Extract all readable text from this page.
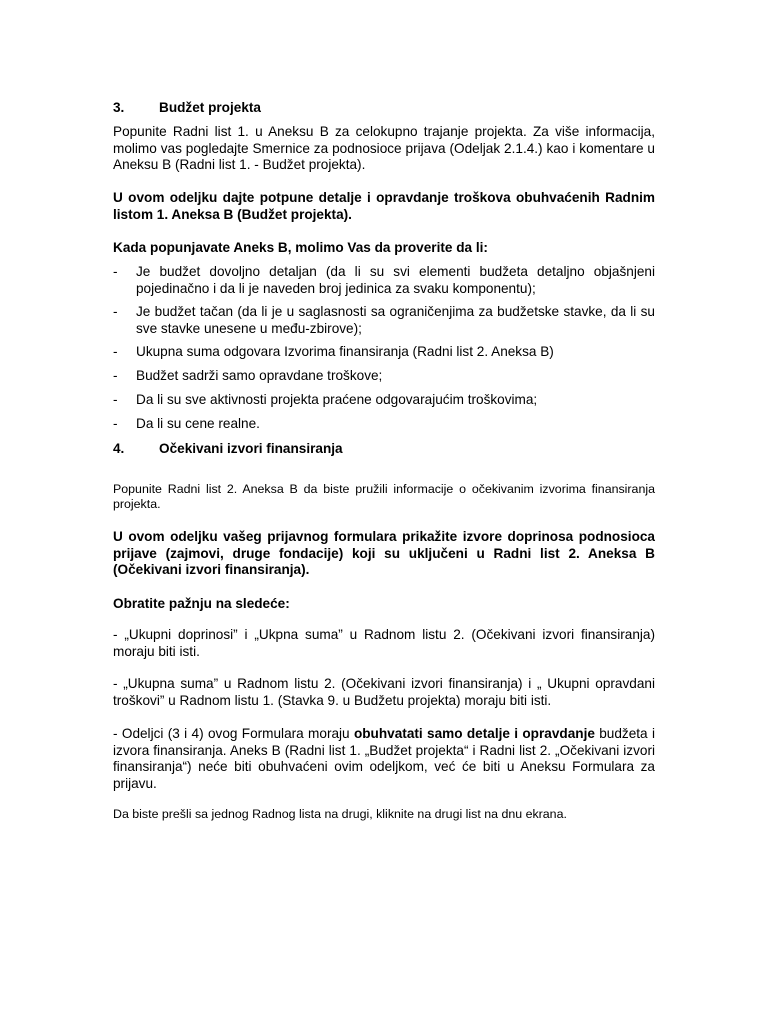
3.	Budžet projekta
Popunite Radni list 1. u Aneksu B za celokupno trajanje projekta. Za više informacija, molimo vas pogledajte Smernice za podnosioce prijava (Odeljak 2.1.4.) kao i komentare u Aneksu B (Radni list 1. - Budžet projekta).
U ovom odeljku dajte potpune detalje i opravdanje troškova obuhvaćenih Radnim listom 1. Aneksa B (Budžet projekta).
Kada popunjavate Aneks B, molimo Vas da proverite da li:
- Je budžet dovoljno detaljan (da li su svi elementi budžeta detaljno objašnjeni pojedinačno i da li je naveden broj jedinica za svaku komponentu);
- Je budžet tačan (da li je u saglasnosti sa ograničenjima za budžetske stavke, da li su sve stavke unesene u među-zbirove);
- Ukupna suma odgovara Izvorima finansiranja (Radni list 2. Aneksa B)
- Budžet sadrži samo opravdane troškove;
- Da li su sve aktivnosti projekta praćene odgovarajućim troškovima;
- Da li su cene realne.
4.	Očekivani izvori finansiranja
Popunite Radni list 2. Aneksa B da biste pružili informacije o očekivanim izvorima finansiranja projekta.
U ovom odeljku vašeg prijavnog formulara prikažite izvore doprinosa podnosioca prijave (zajmovi, druge fondacije) koji su uključeni u Radni list 2. Aneksa B (Očekivani izvori finansiranja).
Obratite pažnju na sledeće:
- „Ukupni doprinosi” i „Ukpna suma” u Radnom listu 2. (Očekivani izvori finansiranja) moraju biti isti.
- „Ukupna suma” u Radnom listu 2. (Očekivani izvori finansiranja) i „ Ukupni opravdani troškovi” u Radnom listu 1. (Stavka 9. u Budžetu projekta) moraju biti isti.
- Odeljci (3 i 4) ovog Formulara moraju obuhvatati samo detalje i opravdanje budžeta i izvora finansiranja. Aneks B (Radni list 1. „Budžet projekta“ i Radni list 2. „Očekivani izvori finansiranja“) neće biti obuhvaćeni ovim odeljkom, već će biti u Aneksu Formulara za prijavu.
Da biste prešli sa jednog Radnog lista na drugi, kliknite na drugi list na dnu ekrana.
